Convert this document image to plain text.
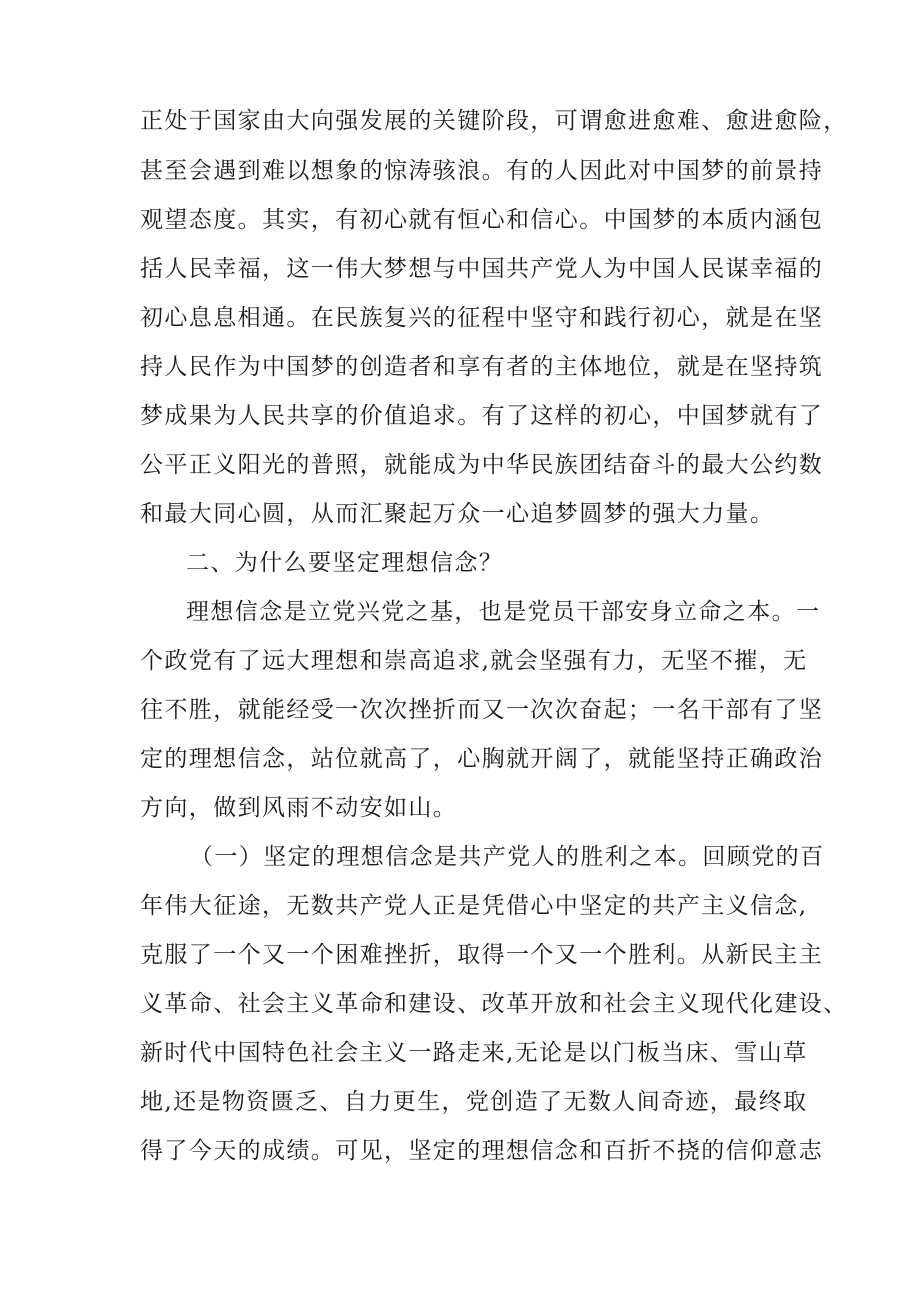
正处于国家由大向强发展的关键阶段，可谓愈进愈难、愈进愈险，
甚至会遇到难以想象的惊涛骇浪。有的人因此对中国梦的前景持
观望态度。其实，有初心就有恒心和信心。中国梦的本质内涵包
括人民幸福，这一伟大梦想与中国共产党人为中国人民谋幸福的
初心息息相通。在民族复兴的征程中坚守和践行初心，就是在坚
持人民作为中国梦的创造者和享有者的主体地位，就是在坚持筑
梦成果为人民共享的价值追求。有了这样的初心，中国梦就有了
公平正义阳光的普照，就能成为中华民族团结奋斗的最大公约数
和最大同心圆，从而汇聚起万众一心追梦圆梦的强大力量。
二、为什么要坚定理想信念？
理想信念是立党兴党之基，也是党员干部安身立命之本。一
个政党有了远大理想和崇高追求,就会坚强有力，无坚不摧，无
往不胜，就能经受一次次挫折而又一次次奋起；一名干部有了坚
定的理想信念，站位就高了，心胸就开阔了，就能坚持正确政治
方向，做到风雨不动安如山。
（一）坚定的理想信念是共产党人的胜利之本。回顾党的百
年伟大征途，无数共产党人正是凭借心中坚定的共产主义信念,
克服了一个又一个困难挫折，取得一个又一个胜利。从新民主主
义革命、社会主义革命和建设、改革开放和社会主义现代化建设、
新时代中国特色社会主义一路走来,无论是以门板当床、雪山草
地,还是物资匮乏、自力更生，党创造了无数人间奇迹，最终取
得了今天的成绩。可见，坚定的理想信念和百折不挠的信仰意志
